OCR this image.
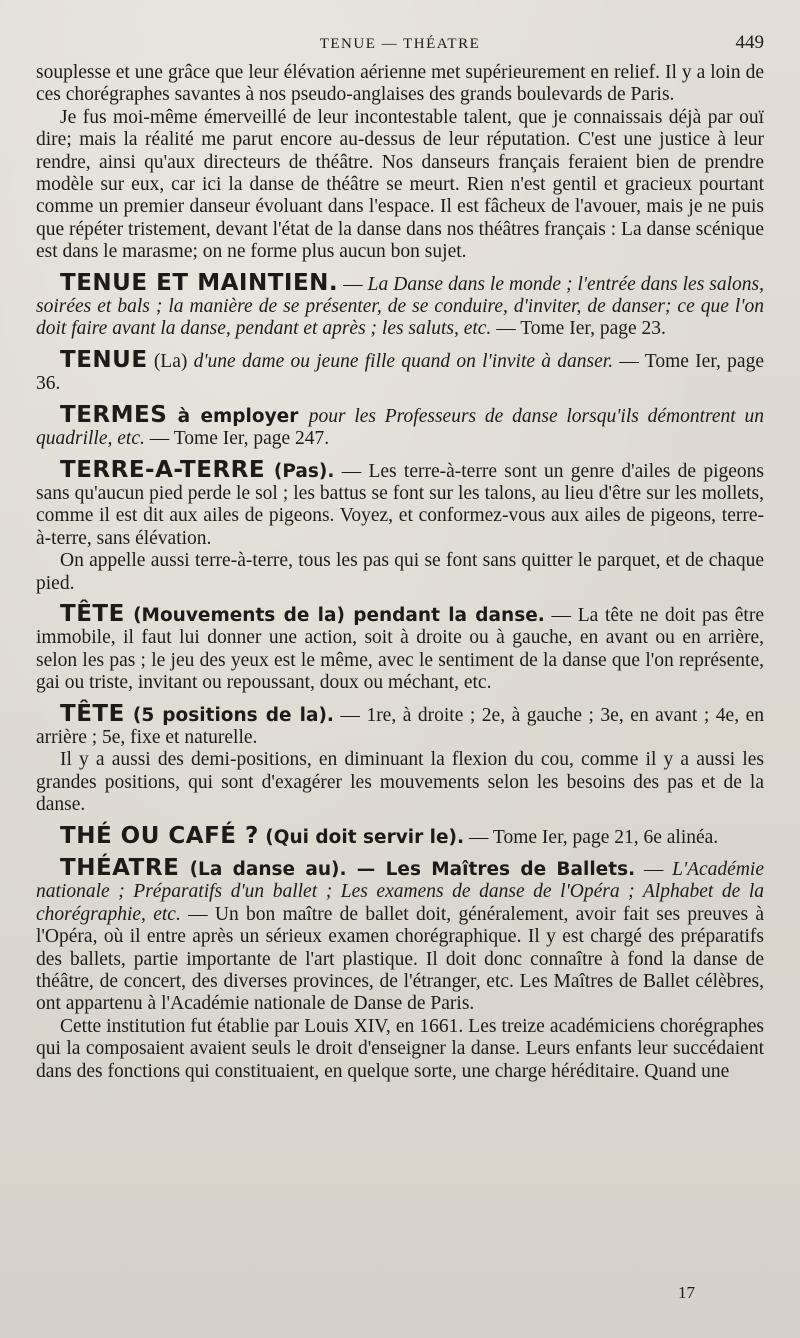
TENUE — THÉATRE	449

souplesse et une grâce que leur élévation aérienne met supérieurement en relief. Il y a loin de ces chorégraphes savantes à nos pseudo-anglaises des grands boulevards de Paris.

Je fus moi-même émerveillé de leur incontestable talent, que je connaissais déjà par ouï dire; mais la réalité me parut encore au-dessus de leur réputation. C'est une justice à leur rendre, ainsi qu'aux directeurs de théâtre. Nos danseurs français feraient bien de prendre modèle sur eux, car ici la danse de théâtre se meurt. Rien n'est gentil et gracieux pourtant comme un premier danseur évoluant dans l'espace. Il est fâcheux de l'avouer, mais je ne puis que répéter tristement, devant l'état de la danse dans nos théâtres français : La danse scénique est dans le marasme; on ne forme plus aucun bon sujet.

TENUE ET MAINTIEN. — La Danse dans le monde ; l'entrée dans les salons, soirées et bals ; la manière de se présenter, de se conduire, d'inviter, de danser; ce que l'on doit faire avant la danse, pendant et après ; les saluts, etc. — Tome Ier, page 23.

TENUE (La) d'une dame ou jeune fille quand on l'invite à danser. — Tome Ier, page 36.

TERMES à employer pour les Professeurs de danse lorsqu'ils démontrent un quadrille, etc. — Tome Ier, page 247.

TERRE-A-TERRE (Pas). — Les terre-à-terre sont un genre d'ailes de pigeons sans qu'aucun pied perde le sol ; les battus se font sur les talons, au lieu d'être sur les mollets, comme il est dit aux ailes de pigeons. Voyez, et conformez-vous aux ailes de pigeons, terre-à-terre, sans élévation.

On appelle aussi terre-à-terre, tous les pas qui se font sans quitter le parquet, et de chaque pied.

TÊTE (Mouvements de la) pendant la danse. — La tête ne doit pas être immobile, il faut lui donner une action, soit à droite ou à gauche, en avant ou en arrière, selon les pas ; le jeu des yeux est le même, avec le sentiment de la danse que l'on représente, gai ou triste, invitant ou repoussant, doux ou méchant, etc.

TÊTE (5 positions de la). — 1re, à droite ; 2e, à gauche ; 3e, en avant ; 4e, en arrière ; 5e, fixe et naturelle.

Il y a aussi des demi-positions, en diminuant la flexion du cou, comme il y a aussi les grandes positions, qui sont d'exagérer les mouvements selon les besoins des pas et de la danse.

THÉ OU CAFÉ ? (Qui doit servir le). — Tome Ier, page 21, 6e alinéa.

THÉATRE (La danse au). — Les Maîtres de Ballets. — L'Académie nationale ; Préparatifs d'un ballet ; Les examens de danse de l'Opéra ; Alphabet de la chorégraphie, etc. — Un bon maître de ballet doit, généralement, avoir fait ses preuves à l'Opéra, où il entre après un sérieux examen chorégraphique. Il y est chargé des préparatifs des ballets, partie importante de l'art plastique. Il doit donc connaître à fond la danse de théâtre, de concert, des diverses provinces, de l'étranger, etc. Les Maîtres de Ballet célèbres, ont appartenu à l'Académie nationale de Danse de Paris.

Cette institution fut établie par Louis XIV, en 1661. Les treize académiciens chorégraphes qui la composaient avaient seuls le droit d'enseigner la danse. Leurs enfants leur succédaient dans des fonctions qui constituaient, en quelque sorte, une charge héréditaire. Quand une

17
